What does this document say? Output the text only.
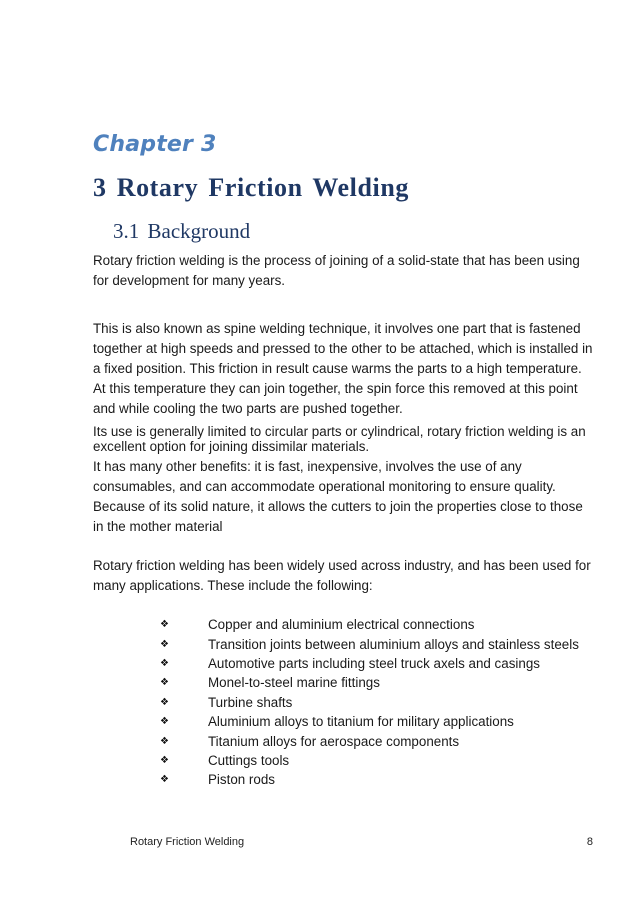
Chapter 3
3 Rotary Friction Welding
3.1 Background

Rotary friction welding is the process of joining of a solid-state that has been using for development for many years.

This is also known as spine welding technique, it involves one part that is fastened together at high speeds and pressed to the other to be attached, which is installed in a fixed position. This friction in result cause warms the parts to a high temperature. At this temperature they can join together, the spin force this removed at this point and while cooling the two parts are pushed together.

Its use is generally limited to circular parts or cylindrical, rotary friction welding is an excellent option for joining dissimilar materials.

It has many other benefits: it is fast, inexpensive, involves the use of any consumables, and can accommodate operational monitoring to ensure quality. Because of its solid nature, it allows the cutters to join the properties close to those in the mother material

Rotary friction welding has been widely used across industry, and has been used for many applications. These include the following:

❖	Copper and aluminium electrical connections
❖	Transition joints between aluminium alloys and stainless steels
❖	Automotive parts including steel truck axels and casings
❖	Monel-to-steel marine fittings
❖	Turbine shafts
❖	Aluminium alloys to titanium for military applications
❖	Titanium alloys for aerospace components
❖	Cuttings tools
❖	Piston rods
Rotary Friction Welding	8
